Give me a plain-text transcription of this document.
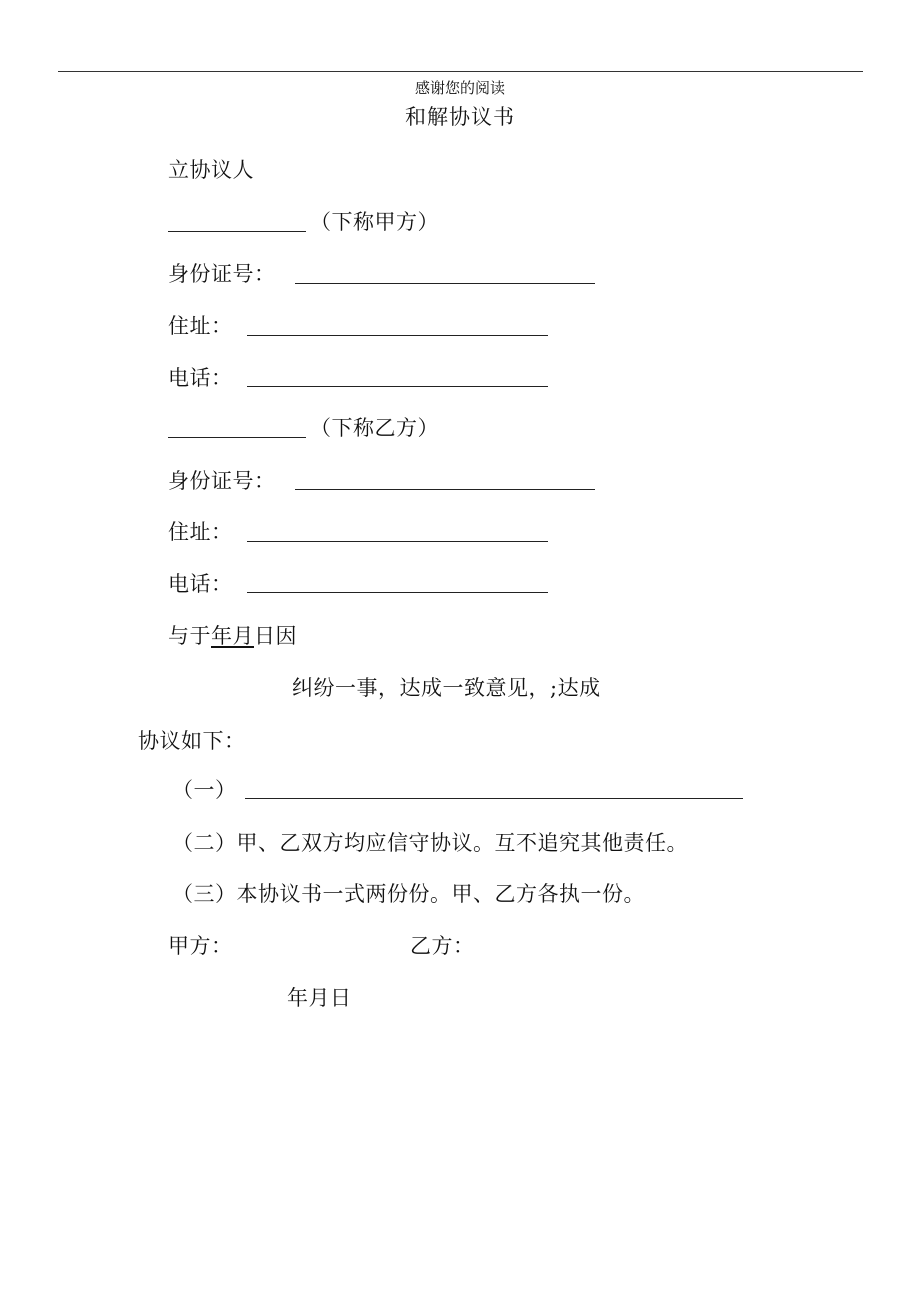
感谢您的阅读
和解协议书
立协议人
（下称甲方）
身份证号：
住址：
电话：
（下称乙方）
身份证号：
住址：
电话：
与于年月日因
纠纷一事，达成一致意见，;达成
协议如下：
（一）
（二）甲、乙双方均应信守协议。互不追究其他责任。
（三）本协议书一式两份份。甲、乙方各执一份。
甲方：	乙方：
年月日
